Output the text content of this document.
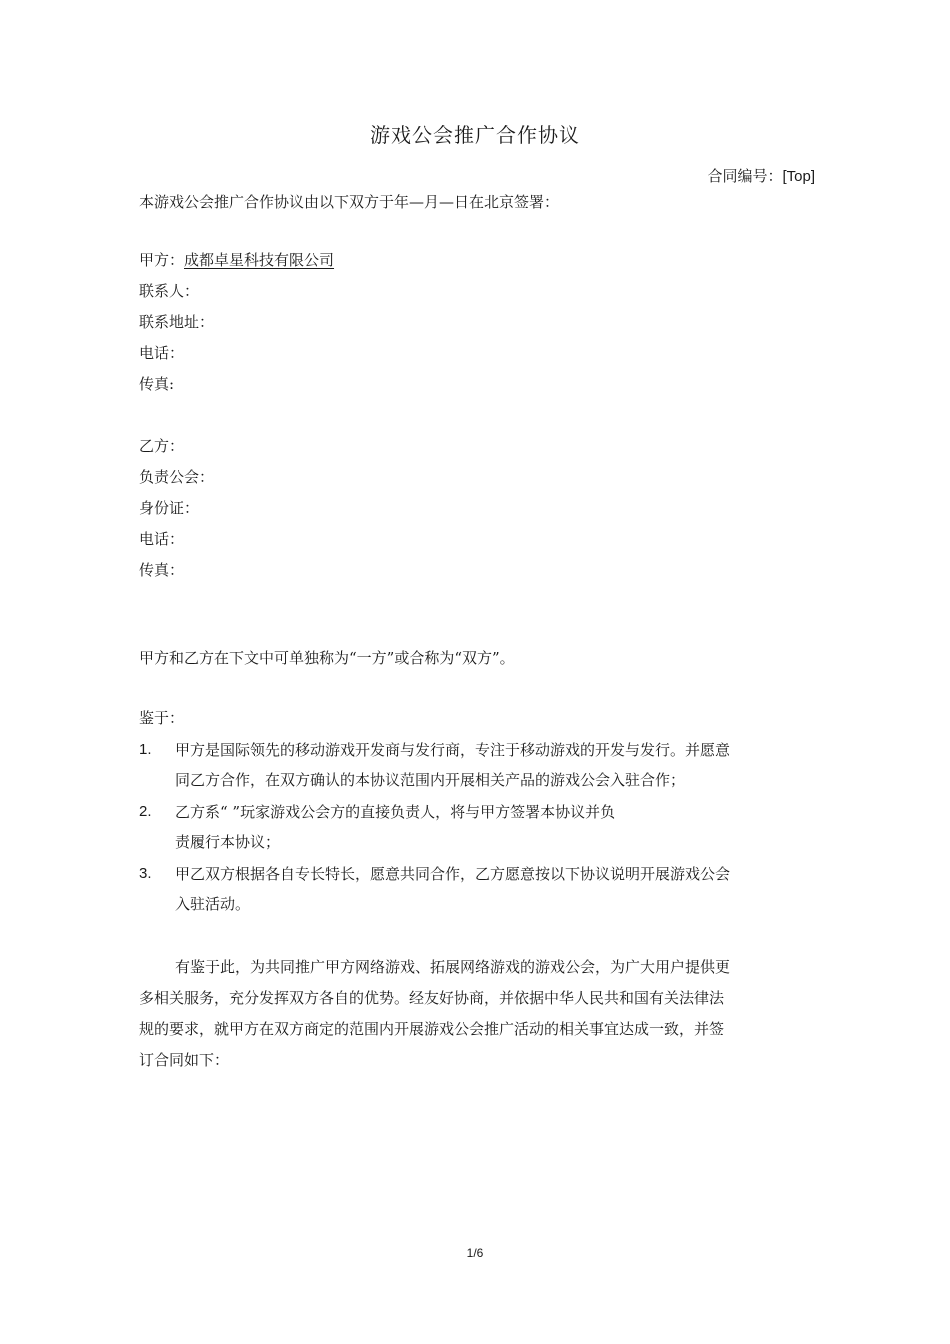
游戏公会推广合作协议
合同编号：[Top]
本游戏公会推广合作协议由以下双方于年—月—日在北京签署：
甲方：成都卓星科技有限公司
联系人：
联系地址：
电话：
传真:
乙方：
负责公会：
身份证：
电话：
传真：
甲方和乙方在下文中可单独称为“一方”或合称为“双方”。
鉴于：
1. 甲方是国际领先的移动游戏开发商与发行商，专注于移动游戏的开发与发行。并愿意
同乙方合作，在双方确认的本协议范围内开展相关产品的游戏公会入驻合作；
2. 乙方系“ ”玩家游戏公会方的直接负责人，将与甲方签署本协议并负
责履行本协议；
3. 甲乙双方根据各自专长特长，愿意共同合作，乙方愿意按以下协议说明开展游戏公会
入驻活动。
有鉴于此，为共同推广甲方网络游戏、拓展网络游戏的游戏公会，为广大用户提供更
多相关服务，充分发挥双方各自的优势。经友好协商，并依据中华人民共和国有关法律法
规的要求，就甲方在双方商定的范围内开展游戏公会推广活动的相关事宜达成一致，并签
订合同如下：
1/6
